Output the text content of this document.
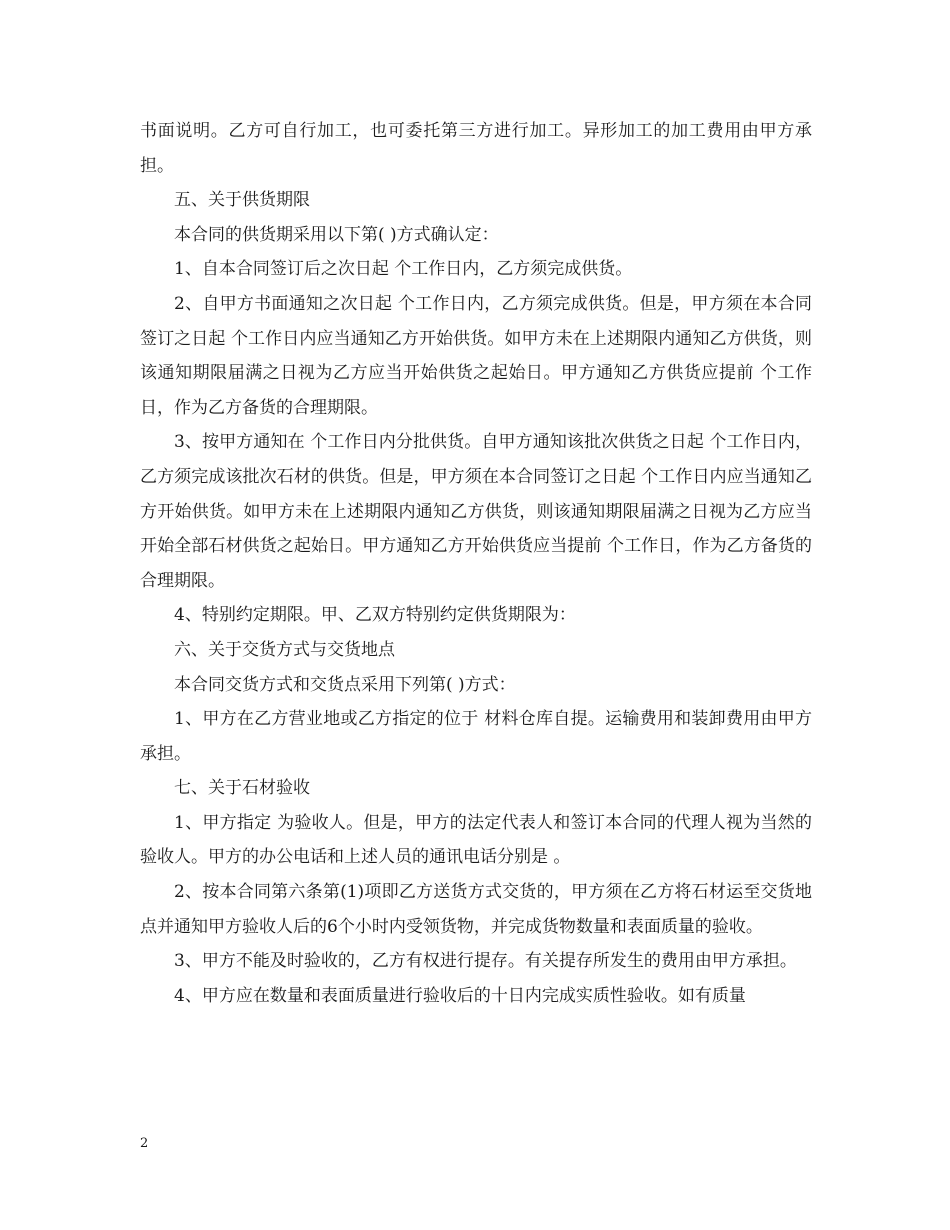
书面说明。乙方可自行加工，也可委托第三方进行加工。异形加工的加工费用由甲方承担。

五、关于供货期限

本合同的供货期采用以下第( )方式确认定：

1、自本合同签订后之次日起 个工作日内，乙方须完成供货。

2、自甲方书面通知之次日起 个工作日内，乙方须完成供货。但是，甲方须在本合同签订之日起 个工作日内应当通知乙方开始供货。如甲方未在上述期限内通知乙方供货，则该通知期限届满之日视为乙方应当开始供货之起始日。甲方通知乙方供货应提前 个工作日，作为乙方备货的合理期限。

3、按甲方通知在 个工作日内分批供货。自甲方通知该批次供货之日起 个工作日内，乙方须完成该批次石材的供货。但是，甲方须在本合同签订之日起 个工作日内应当通知乙方开始供货。如甲方未在上述期限内通知乙方供货，则该通知期限届满之日视为乙方应当开始全部石材供货之起始日。甲方通知乙方开始供货应当提前 个工作日，作为乙方备货的合理期限。

4、特别约定期限。甲、乙双方特别约定供货期限为：

六、关于交货方式与交货地点

本合同交货方式和交货点采用下列第( )方式：

1、甲方在乙方营业地或乙方指定的位于 材料仓库自提。运输费用和装卸费用由甲方承担。

七、关于石材验收

1、甲方指定 为验收人。但是，甲方的法定代表人和签订本合同的代理人视为当然的验收人。甲方的办公电话和上述人员的通讯电话分别是 。

2、按本合同第六条第(1)项即乙方送货方式交货的，甲方须在乙方将石材运至交货地点并通知甲方验收人后的6个小时内受领货物，并完成货物数量和表面质量的验收。

3、甲方不能及时验收的，乙方有权进行提存。有关提存所发生的费用由甲方承担。

4、甲方应在数量和表面质量进行验收后的十日内完成实质性验收。如有质量

2
